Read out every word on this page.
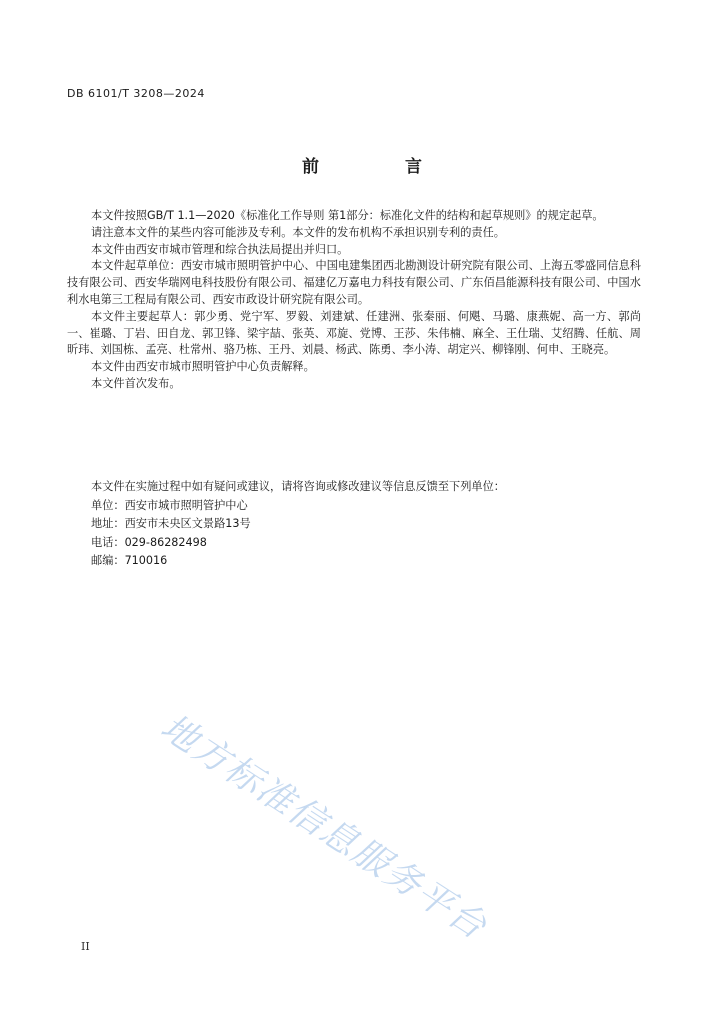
DB 6101/T 3208—2024
前 言

本文件按照GB/T 1.1—2020《标准化工作导则 第1部分：标准化文件的结构和起草规则》的规定起草。

请注意本文件的某些内容可能涉及专利。本文件的发布机构不承担识别专利的责任。

本文件由西安市城市管理和综合执法局提出并归口。

本文件起草单位：西安市城市照明管护中心、中国电建集团西北勘测设计研究院有限公司、上海五零盛同信息科技有限公司、西安华瑞网电科技股份有限公司、福建亿万嘉电力科技有限公司、广东佰昌能源科技有限公司、中国水利水电第三工程局有限公司、西安市政设计研究院有限公司。

本文件主要起草人：郭少勇、党宁军、罗毅、刘建斌、任建洲、张秦丽、何飓、马璐、康燕妮、高一方、郭尚一、崔璐、丁岩、田自龙、郭卫锋、梁宇喆、张英、邓旋、党博、王莎、朱伟楠、麻全、王仕瑞、艾绍腾、任航、周昕玮、刘国栋、孟亮、杜常州、骆乃栋、王丹、刘晨、杨武、陈勇、李小涛、胡定兴、柳锋刚、何申、王晓亮。

本文件由西安市城市照明管护中心负责解释。

本文件首次发布。

本文件在实施过程中如有疑问或建议，请将咨询或修改建议等信息反馈至下列单位：
单位：西安市城市照明管护中心
地址：西安市未央区文景路13号
电话：029-86282498
邮编：710016
地方标准信息服务平台
II
